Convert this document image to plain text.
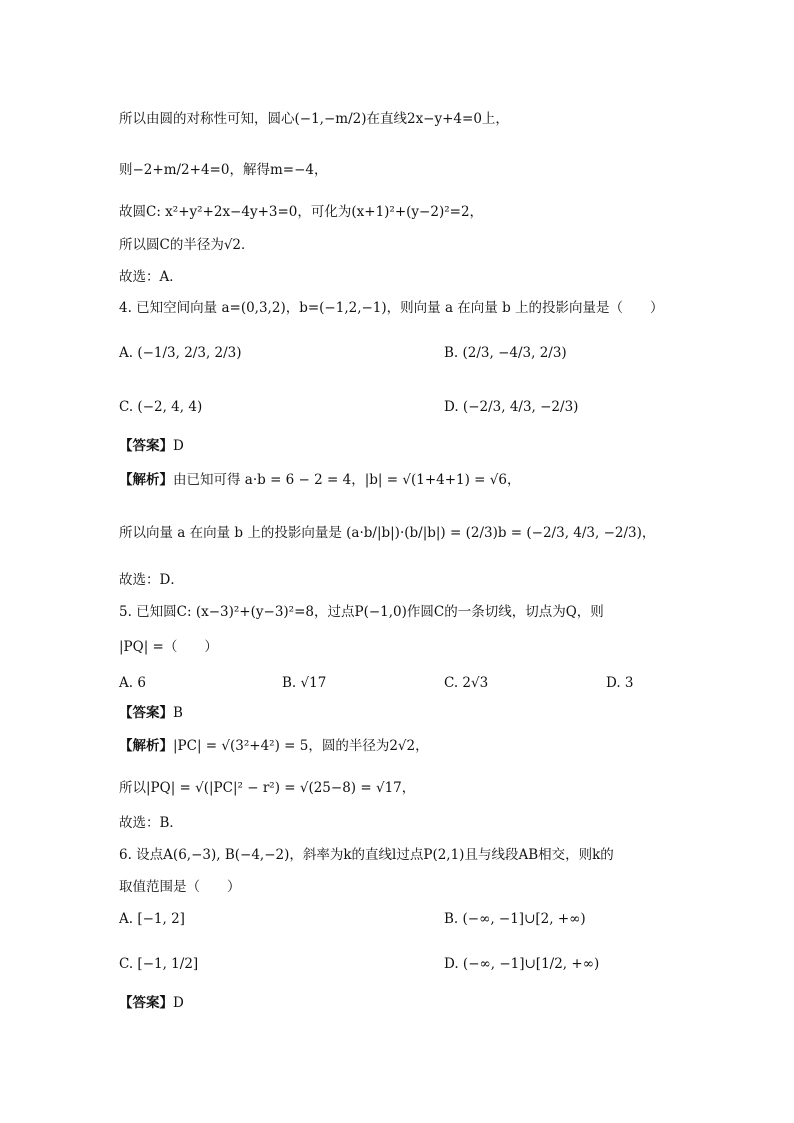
所以由圆的对称性可知，圆心(−1,−m/2)在直线2x−y+4=0上，
则−2+m/2+4=0，解得m=−4，
故圆C: x²+y²+2x−4y+3=0，可化为(x+1)²+(y−2)²=2，
所以圆C的半径为√2．
故选：A．
4. 已知空间向量 a=(0,3,2)，b=(−1,2,−1)，则向量 a 在向量 b 上的投影向量是（　　）
A. (−1/3, 2/3, 2/3)	B. (2/3, −4/3, 2/3)
C. (−2, 4, 4)	D. (−2/3, 4/3, −2/3)
【答案】D
【解析】由已知可得 a·b = 6 − 2 = 4，|b| = √(1+4+1) = √6，
所以向量 a 在向量 b 上的投影向量是 (a·b/|b|)·(b/|b|) = (2/3)b = (−2/3, 4/3, −2/3)，
故选：D．
5. 已知圆C: (x−3)²+(y−3)²=8，过点P(−1,0)作圆C的一条切线，切点为Q，则
|PQ| =（　　）
A. 6	B. √17	C. 2√3	D. 3
【答案】B
【解析】|PC| = √(3²+4²) = 5，圆的半径为2√2，
所以|PQ| = √(|PC|² − r²) = √(25−8) = √17，
故选：B．
6. 设点A(6,−3), B(−4,−2)，斜率为k的直线l过点P(2,1)且与线段AB相交，则k的
取值范围是（　　）
A. [−1, 2]	B. (−∞, −1]∪[2, +∞)
C. [−1, 1/2]	D. (−∞, −1]∪[1/2, +∞)
【答案】D
